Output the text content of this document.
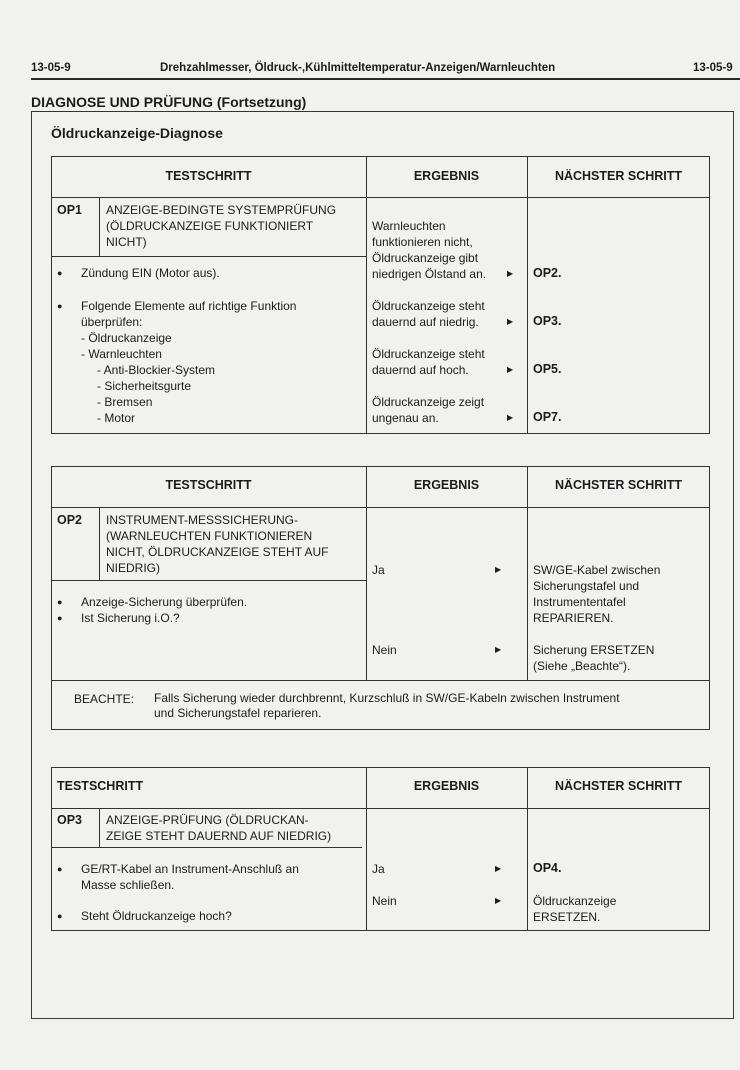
13-05-9	Drehzahlmesser, Öldruck-,Kühlmitteltemperatur-Anzeigen/Warnleuchten	13-05-9
DIAGNOSE UND PRÜFUNG (Fortsetzung)
Öldruckanzeige-Diagnose
TESTSCHRITT	ERGEBNIS	NÄCHSTER SCHRITT
OP1 ANZEIGE-BEDINGTE SYSTEMPRÜFUNG
(ÖLDRUCKANZEIGE FUNKTIONIERT
NICHT)
● Zündung EIN (Motor aus).
● Folgende Elemente auf richtige Funktion
überprüfen:
- Öldruckanzeige
- Warnleuchten
- Anti-Blockier-System
- Sicherheitsgurte
- Bremsen
- Motor
Warnleuchten
funktionieren nicht,
Öldruckanzeige gibt
niedrigen Ölstand an.	▶ OP2.
Öldruckanzeige steht
dauernd auf niedrig.	▶ OP3.
Öldruckanzeige steht
dauernd auf hoch.	▶ OP5.
Öldruckanzeige zeigt
ungenau an.	▶ OP7.
TESTSCHRITT	ERGEBNIS	NÄCHSTER SCHRITT
OP2 INSTRUMENT-MESSSICHERUNG-
(WARNLEUCHTEN FUNKTIONIEREN
NICHT, ÖLDRUCKANZEIGE STEHT AUF
NIEDRIG)
● Anzeige-Sicherung überprüfen.
● Ist Sicherung i.O.?
Ja	▶	SW/GE-Kabel zwischen
Sicherungstafel und
Instrumententafel
REPARIEREN.
Nein	▶	Sicherung ERSETZEN
(Siehe „Beachte“).
BEACHTE: Falls Sicherung wieder durchbrennt, Kurzschluß in SW/GE-Kabeln zwischen Instrument
und Sicherungstafel reparieren.
TESTSCHRITT	ERGEBNIS	NÄCHSTER SCHRITT
OP3 ANZEIGE-PRÜFUNG (ÖLDRUCKAN-
ZEIGE STEHT DAUERND AUF NIEDRIG)
● GE/RT-Kabel an Instrument-Anschluß an
Masse schließen.
● Steht Öldruckanzeige hoch?
Ja	▶	OP4.
Nein	▶	Öldruckanzeige
ERSETZEN.
